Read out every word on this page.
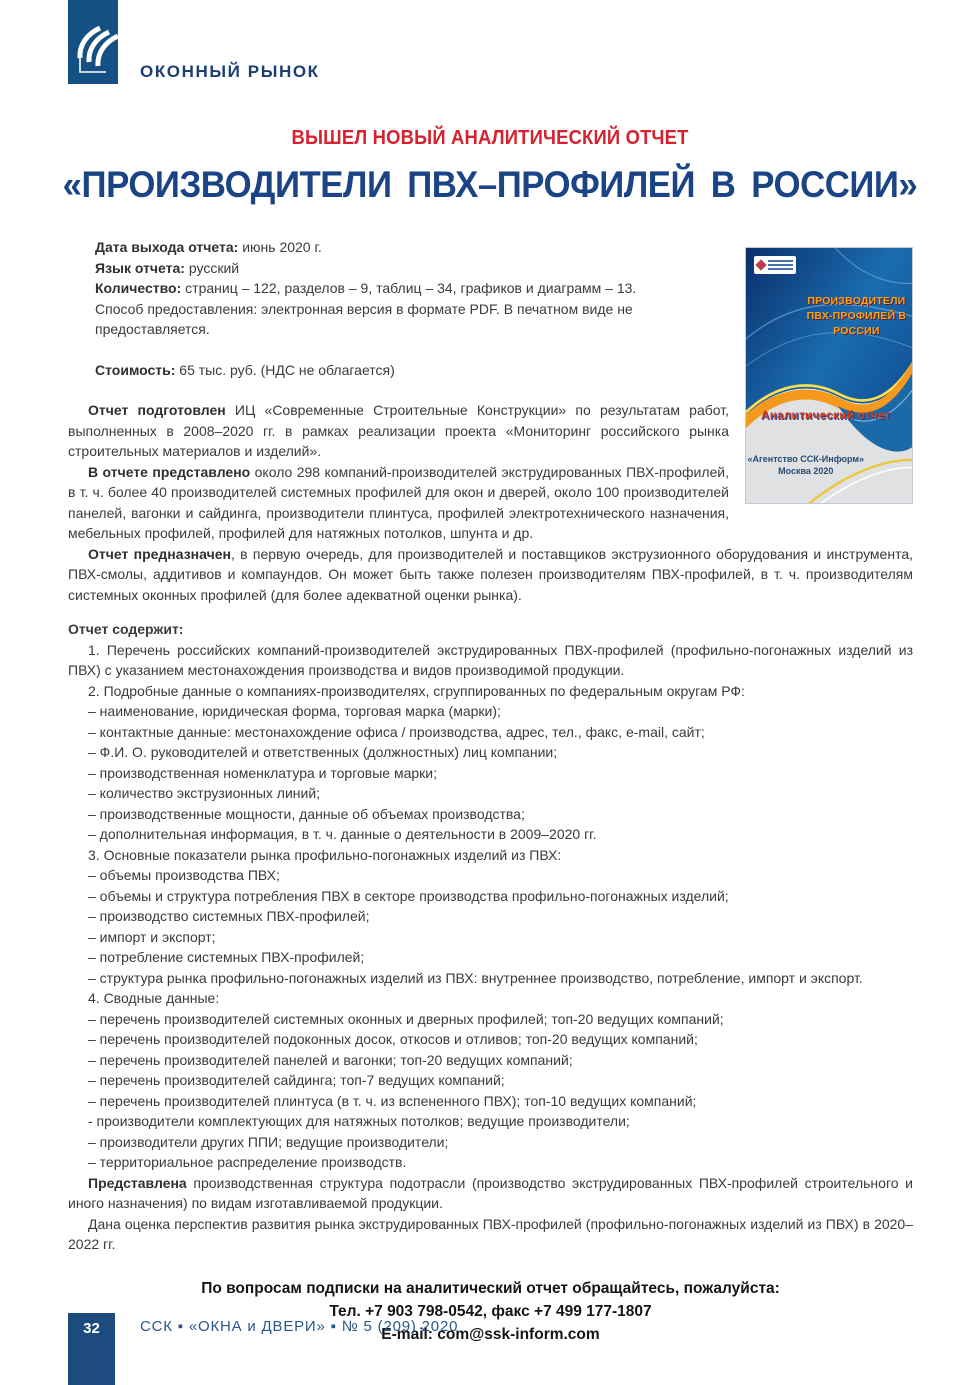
ОКОННЫЙ РЫНОК
ВЫШЕЛ НОВЫЙ АНАЛИТИЧЕСКИЙ ОТЧЕТ
«ПРОИЗВОДИТЕЛИ ПВХ–ПРОФИЛЕЙ В РОССИИ»
ПРОИЗВОДИТЕЛИ
ПВХ-ПРОФИЛЕЙ В РОССИИ
Аналитический отчет
«Агентство ССК-Информ»
Москва 2020

Дата выхода отчета: июнь 2020 г.

Язык отчета: русский

Количество: страниц – 122, разделов – 9, таблиц – 34, графиков и диаграмм – 13.

Способ предоставления: электронная версия в формате PDF. В печатном виде не предоставляется.

Стоимость: 65 тыс. руб. (НДС не облагается)

Отчет подготовлен ИЦ «Современные Строительные Конструкции» по результатам работ, выполненных в 2008–2020 гг. в рамках реализации проекта «Мониторинг российского рынка строительных материалов и изделий».

В отчете представлено около 298 компаний-производителей экструдированных ПВХ-профилей, в т. ч. более 40 производителей системных профилей для окон и дверей, около 100 производителей панелей, вагонки и сайдинга, производители плинтуса, профилей электротехнического назначения, мебельных профилей, профилей для натяжных потолков, шпунта и др.

Отчет предназначен, в первую очередь, для производителей и поставщиков экструзионного оборудования и инструмента, ПВХ-смолы, аддитивов и компаундов. Он может быть также полезен производителям ПВХ-профилей, в т. ч. производителям системных оконных профилей (для более адекватной оценки рынка).

Отчет содержит:

1. Перечень российских компаний-производителей экструдированных ПВХ-профилей (профильно-погонажных изделий из ПВХ) с указанием местонахождения производства и видов производимой продукции.

2. Подробные данные о компаниях-производителях, сгруппированных по федеральным округам РФ:

– наименование, юридическая форма, торговая марка (марки);

– контактные данные: местонахождение офиса / производства, адрес, тел., факс, e-mail, сайт;

– Ф.И. О. руководителей и ответственных (должностных) лиц компании;

– производственная номенклатура и торговые марки;

– количество экструзионных линий;

– производственные мощности, данные об объемах производства;

– дополнительная информация, в т. ч. данные о деятельности в 2009–2020 гг.

3. Основные показатели рынка профильно-погонажных изделий из ПВХ:

– объемы производства ПВХ;

– объемы и структура потребления ПВХ в секторе производства профильно-погонажных изделий;

– производство системных ПВХ-профилей;

– импорт и экспорт;

– потребление системных ПВХ-профилей;

– структура рынка профильно-погонажных изделий из ПВХ: внутреннее производство, потребление, импорт и экспорт.

4. Сводные данные:

– перечень производителей системных оконных и дверных профилей; топ-20 ведущих компаний;

– перечень производителей подоконных досок, откосов и отливов; топ-20 ведущих компаний;

– перечень производителей панелей и вагонки; топ-20 ведущих компаний;

– перечень производителей сайдинга; топ-7 ведущих компаний;

– перечень производителей плинтуса (в т. ч. из вспененного ПВХ); топ-10 ведущих компаний;

- производители комплектующих для натяжных потолков; ведущие производители;

– производители других ППИ; ведущие производители;

– территориальное распределение производств.

Представлена производственная структура подотрасли (производство экструдированных ПВХ-профилей строительного и иного назначения) по видам изготавливаемой продукции.

Дана оценка перспектив развития рынка экструдированных ПВХ-профилей (профильно-погонажных изделий из ПВХ) в 2020–2022 гг.

По вопросам подписки на аналитический отчет обращайтесь, пожалуйста:
Тел. +7 903 798-0542, факс +7 499 177-1807
E-mail: com@ssk-inform.com
32	ССК ▪ «ОКНА и ДВЕРИ» ▪ № 5 (209) 2020
